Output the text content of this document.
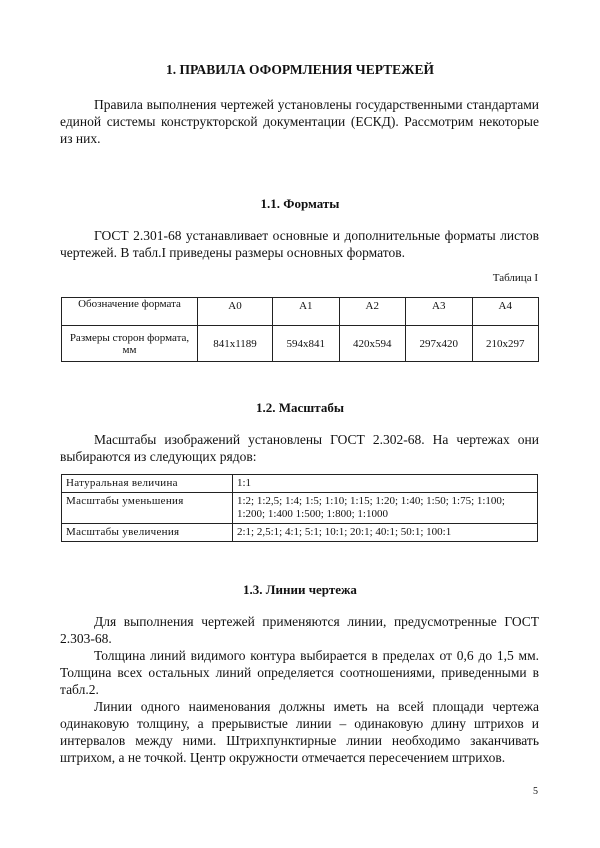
1. ПРАВИЛА ОФОРМЛЕНИЯ ЧЕРТЕЖЕЙ
Правила выполнения чертежей установлены государственными стандартами единой системы конструкторской документации (ЕСКД). Рассмотрим некоторые из них.
1.1. Форматы
ГОСТ 2.301-68 устанавливает основные и дополнительные форматы листов чертежей. В табл.I приведены размеры основных форматов.
Таблица I
Обозначение формата	А0	А1	А2	А3	А4
Размеры сторон формата, мм	841x1189	594x841	420x594	297x420	210x297
1.2. Масштабы
Масштабы изображений установлены ГОСТ 2.302-68. На чертежах они выбираются из следующих рядов:
Натуральная величина	1:1
Масштабы уменьшения	1:2; 1:2,5; 1:4; 1:5; 1:10; 1:15; 1:20; 1:40; 1:50; 1:75; 1:100; 1:200; 1:400 1:500; 1:800; 1:1000
Масштабы увеличения	2:1; 2,5:1; 4:1; 5:1; 10:1; 20:1; 40:1; 50:1; 100:1
1.3. Линии чертежа
Для выполнения чертежей применяются линии, предусмотренные ГОСТ 2.303-68.
Толщина линий видимого контура выбирается в пределах от 0,6 до 1,5 мм. Толщина всех остальных линий определяется соотношениями, приведенными в табл.2.
Линии одного наименования должны иметь на всей площади чертежа одинаковую толщину, а прерывистые линии – одинаковую длину штрихов и интервалов между ними. Штрихпунктирные линии необходимо заканчивать штрихом, а не точкой. Центр окружности отмечается пересечением штрихов.
5
